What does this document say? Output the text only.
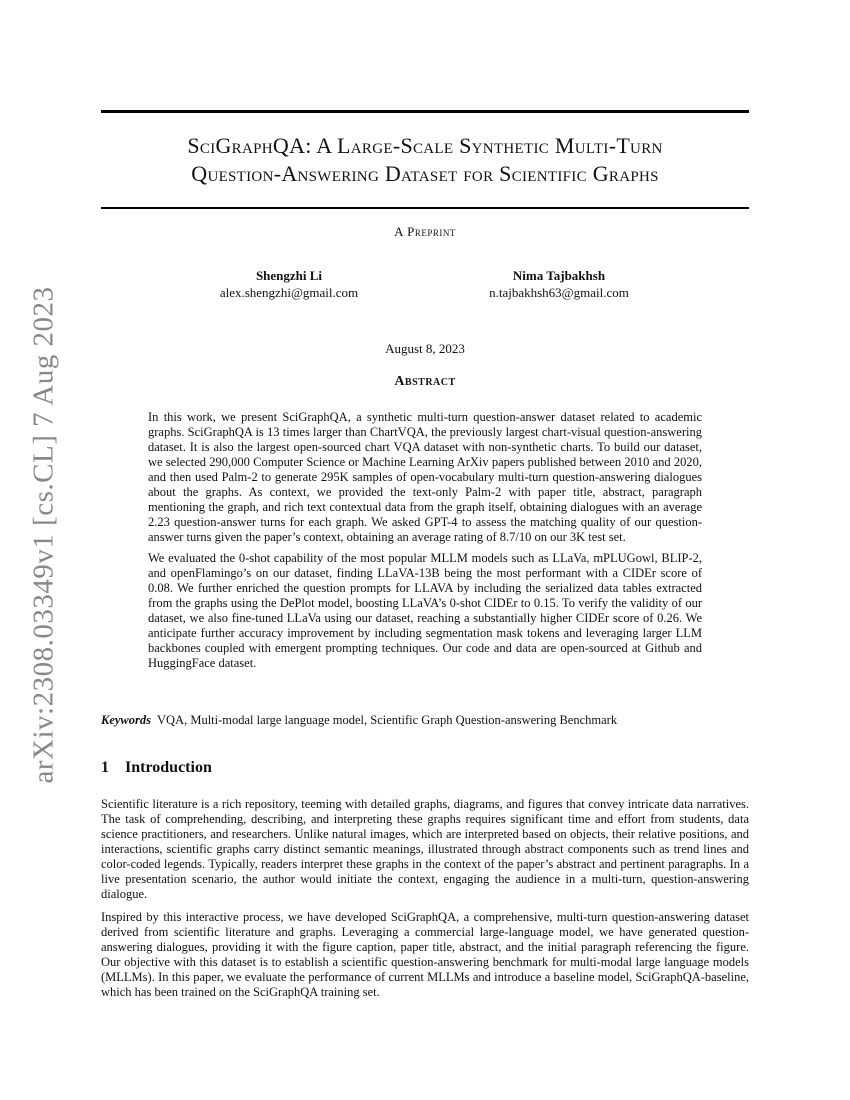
arXiv:2308.03349v1 [cs.CL] 7 Aug 2023
SciGraphQA: A Large-Scale Synthetic Multi-Turn
Question-Answering Dataset for Scientific Graphs
A Preprint
Shengzhi Li
alex.shengzhi@gmail.com
Nima Tajbakhsh
n.tajbakhsh63@gmail.com
August 8, 2023
Abstract

In this work, we present SciGraphQA, a synthetic multi-turn question-answer dataset related to academic graphs. SciGraphQA is 13 times larger than ChartVQA, the previously largest chart-visual question-answering dataset. It is also the largest open-sourced chart VQA dataset with non-synthetic charts. To build our dataset, we selected 290,000 Computer Science or Machine Learning ArXiv papers published between 2010 and 2020, and then used Palm-2 to generate 295K samples of open-vocabulary multi-turn question-answering dialogues about the graphs. As context, we provided the text-only Palm-2 with paper title, abstract, paragraph mentioning the graph, and rich text contextual data from the graph itself, obtaining dialogues with an average 2.23 question-answer turns for each graph. We asked GPT-4 to assess the matching quality of our question-answer turns given the paper’s context, obtaining an average rating of 8.7/10 on our 3K test set.

We evaluated the 0-shot capability of the most popular MLLM models such as LLaVa, mPLUGowl, BLIP-2, and openFlamingo’s on our dataset, finding LLaVA-13B being the most performant with a CIDEr score of 0.08. We further enriched the question prompts for LLAVA by including the serialized data tables extracted from the graphs using the DePlot model, boosting LLaVA’s 0-shot CIDEr to 0.15. To verify the validity of our dataset, we also fine-tuned LLaVa using our dataset, reaching a substantially higher CIDEr score of 0.26. We anticipate further accuracy improvement by including segmentation mask tokens and leveraging larger LLM backbones coupled with emergent prompting techniques. Our code and data are open-sourced at Github and HuggingFace dataset.

Keywords VQA, Multi-modal large language model, Scientific Graph Question-answering Benchmark
1 Introduction

Scientific literature is a rich repository, teeming with detailed graphs, diagrams, and figures that convey intricate data narratives. The task of comprehending, describing, and interpreting these graphs requires significant time and effort from students, data science practitioners, and researchers. Unlike natural images, which are interpreted based on objects, their relative positions, and interactions, scientific graphs carry distinct semantic meanings, illustrated through abstract components such as trend lines and color-coded legends. Typically, readers interpret these graphs in the context of the paper’s abstract and pertinent paragraphs. In a live presentation scenario, the author would initiate the context, engaging the audience in a multi-turn, question-answering dialogue.

Inspired by this interactive process, we have developed SciGraphQA, a comprehensive, multi-turn question-answering dataset derived from scientific literature and graphs. Leveraging a commercial large-language model, we have generated question-answering dialogues, providing it with the figure caption, paper title, abstract, and the initial paragraph referencing the figure. Our objective with this dataset is to establish a scientific question-answering benchmark for multi-modal large language models (MLLMs). In this paper, we evaluate the performance of current MLLMs and introduce a baseline model, SciGraphQA-baseline, which has been trained on the SciGraphQA training set.
